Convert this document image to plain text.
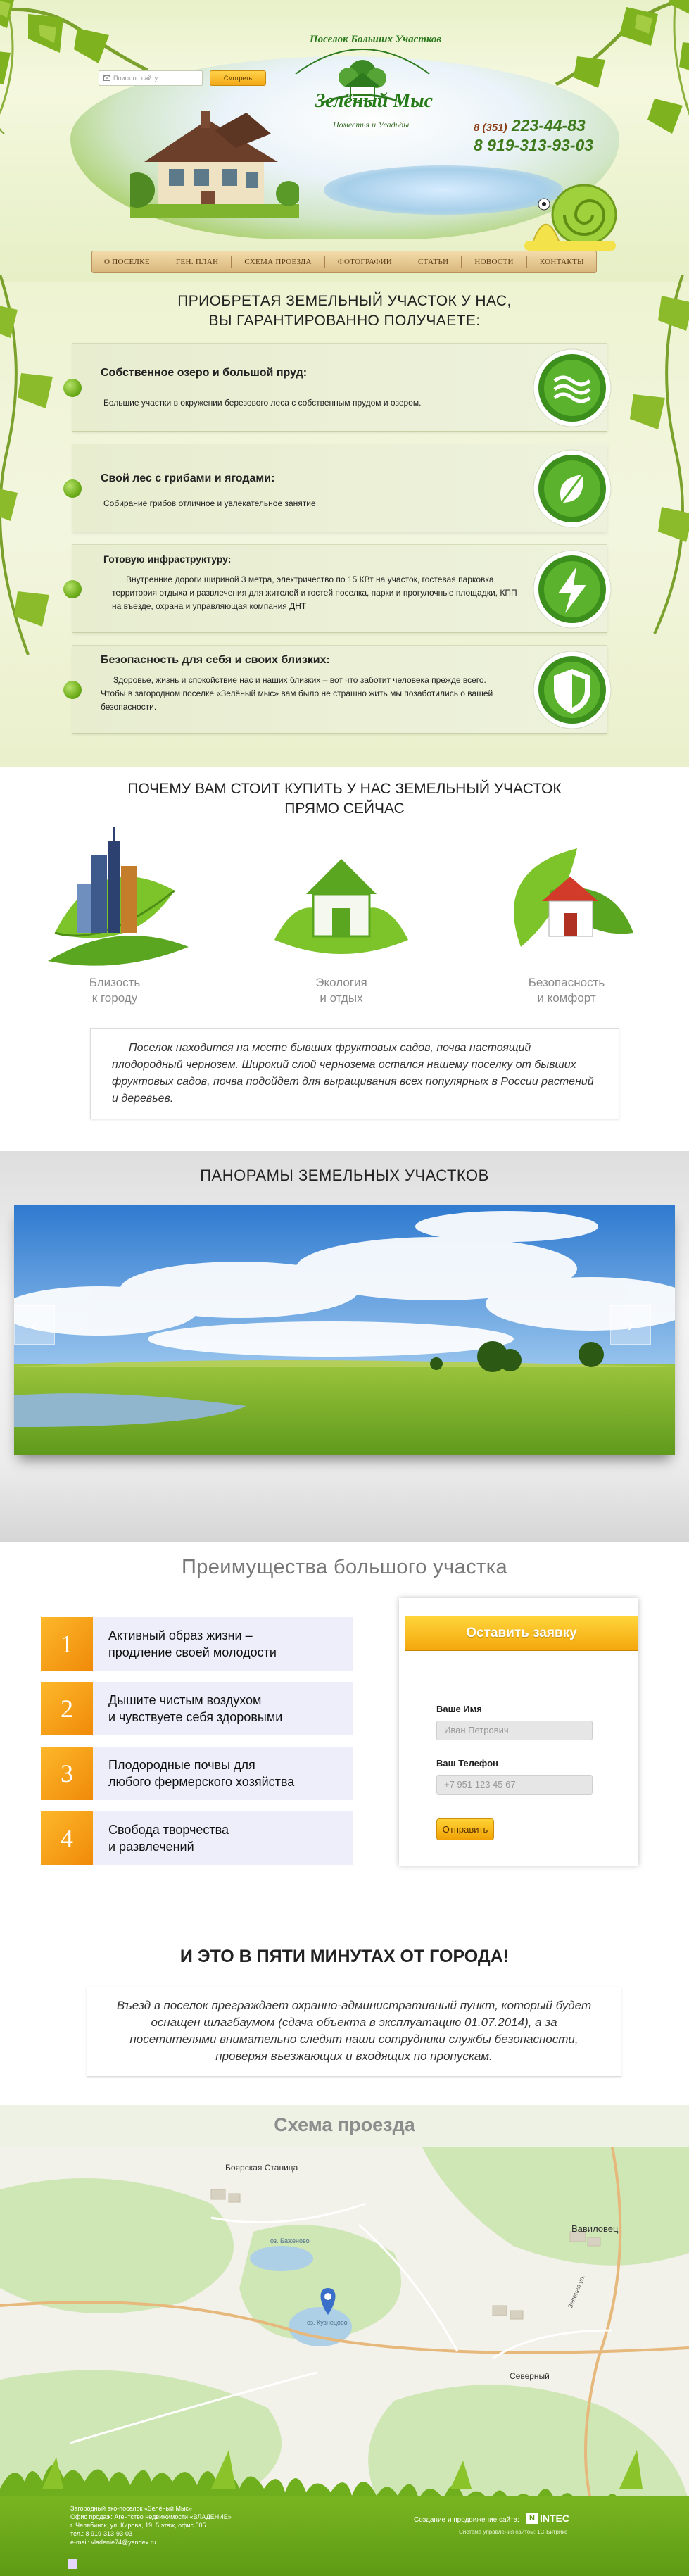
Поиск по сайту	Смотреть
Поселок Больших Участков
Зелёный Мыс
Поместья и Усадьбы	8 (351) 223-44-83
8 919-313-93-03
О ПОСЕЛКЕ	ГЕН. ПЛАН	СХЕМА ПРОЕЗДА	ФОТОГРАФИИ	СТАТЬИ	НОВОСТИ	КОНТАКТЫ
ПРИОБРЕТАЯ ЗЕМЕЛЬНЫЙ УЧАСТОК У НАС,
ВЫ ГАРАНТИРОВАННО ПОЛУЧАЕТЕ:
Собственное озеро и большой пруд:
Большие участки в окружении березового леса с собственным прудом и озером.
Свой лес с грибами и ягодами:
Собирание грибов отличное и увлекательное занятие
Готовую инфраструктуру:
Внутренние дороги шириной 3 метра, электричество по 15 КВт на участок, гостевая парковка, территория отдыха и развлечения для жителей и гостей поселка, парки и прогулочные площадки, КПП на въезде, охрана и управляющая компания ДНТ
Безопасность для себя и своих близких:
Здоровье, жизнь и спокойствие нас и наших близких – вот что заботит человека прежде всего. Чтобы в загородном поселке «Зелёный мыс» вам было не страшно жить мы позаботились о вашей безопасности.
ПОЧЕМУ ВАМ СТОИТ КУПИТЬ У НАС ЗЕМЕЛЬНЫЙ УЧАСТОК
ПРЯМО СЕЙЧАС
Близость
к городу
Экология
и отдых
Безопасность
и комфорт
Поселок находится на месте бывших фруктовых садов, почва настоящий плодородный чернозем. Широкий слой чернозема остался нашему поселку от бывших фруктовых садов, почва подойдет для выращивания всех популярных в России растений и деревьев.
ПАНОРАМЫ ЗЕМЕЛЬНЫХ УЧАСТКОВ
‹	›
Преимущества большого участка
1	Активный образ жизни –
продление своей молодости
2	Дышите чистым воздухом
и чувствуете себя здоровыми
3	Плодородные почвы для
любого фермерского хозяйства
4	Свобода творчества
и развлечений
Оставить заявку
Ваше Имя
Иван Петрович
Ваш Телефон
+7 951 123 45 67
Отправить
И ЭТО В ПЯТИ МИНУТАХ ОТ ГОРОДА!
Въезд в поселок преграждает охранно-административный пункт, который будет оснащен шлагбаумом (сдача объекта в эксплуатацию 01.07.2014), а за посетителями внимательно следят наши сотрудники службы безопасности, проверяя въезжающих и входящих по пропускам.
Схема проезда
Боярская Станица
Вавиловец
Северный
оз. Баженово
оз. Кузнецово
Зеленая ул.
Загородный эко-поселок «Зелёный Мыс»
Офис продаж: Агентство недвижимости «ВЛАДЕНИЕ»
г. Челябинск, ул. Кирова, 19, 5 этаж, офис 505
тел.: 8 919-313-93-03
e-mail: vladenie74@yandex.ru
Создание и продвижение сайта:	N INTEC
Система управления сайтом: 1С-Битрикс
